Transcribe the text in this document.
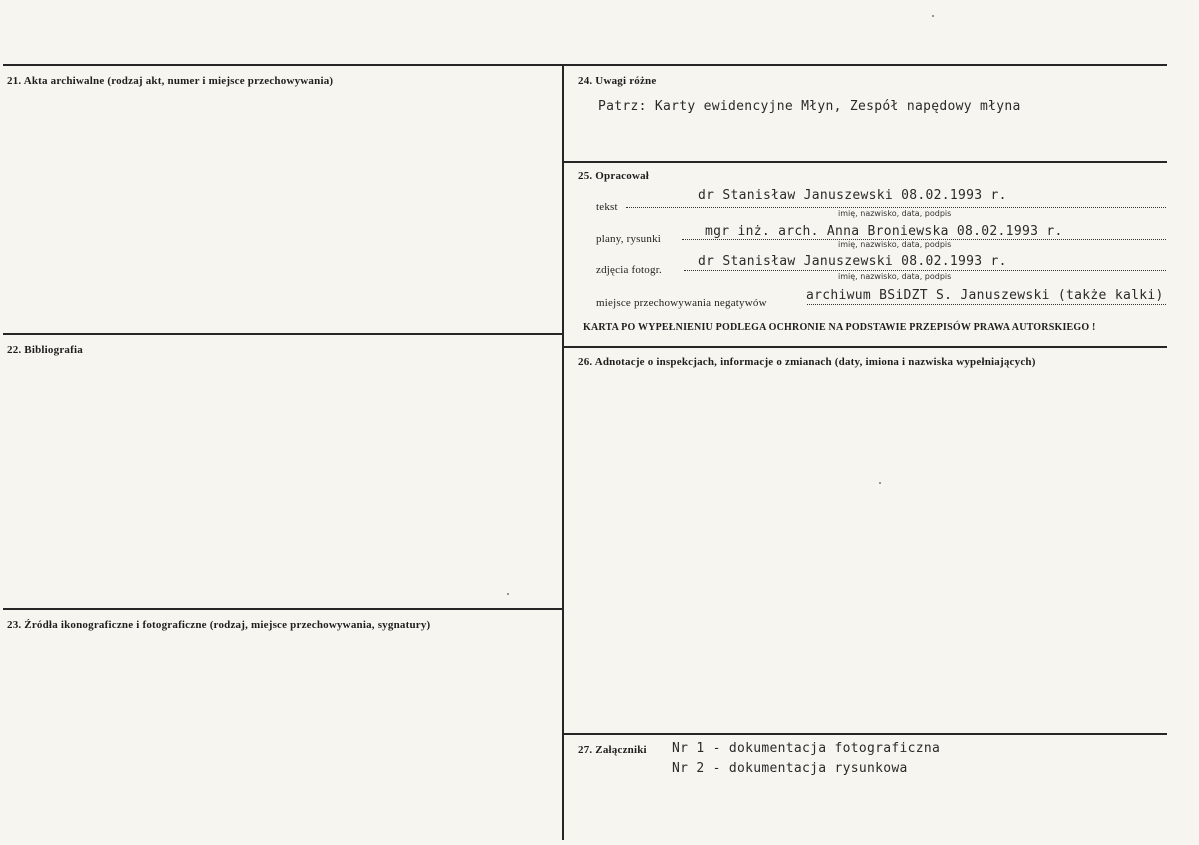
21. Akta archiwalne (rodzaj akt, numer i miejsce przechowywania)
22. Bibliografia
23. Źródła ikonograficzne i fotograficzne (rodzaj, miejsce przechowywania, sygnatury)
24. Uwagi różne
Patrz: Karty ewidencyjne Młyn, Zespół napędowy młyna
25. Opracował
tekst
dr Stanisław Januszewski 08.02.1993 r.
imię, nazwisko, data, podpis
plany, rysunki	mgr inż. arch. Anna Broniewska 08.02.1993 r.
imię, nazwisko, data, podpis
zdjęcia fotogr.
dr Stanisław Januszewski 08.02.1993 r.
imię, nazwisko, data, podpis
miejsce przechowywania negatywów	archiwum BSiDZT S. Januszewski (także kalki)
KARTA PO WYPEŁNIENIU PODLEGA OCHRONIE NA PODSTAWIE PRZEPISÓW PRAWA AUTORSKIEGO !
26. Adnotacje o inspekcjach, informacje o zmianach (daty, imiona i nazwiska wypełniających)
27. Załączniki Nr 1 - dokumentacja fotograficzna
Nr 2 - dokumentacja rysunkowa
